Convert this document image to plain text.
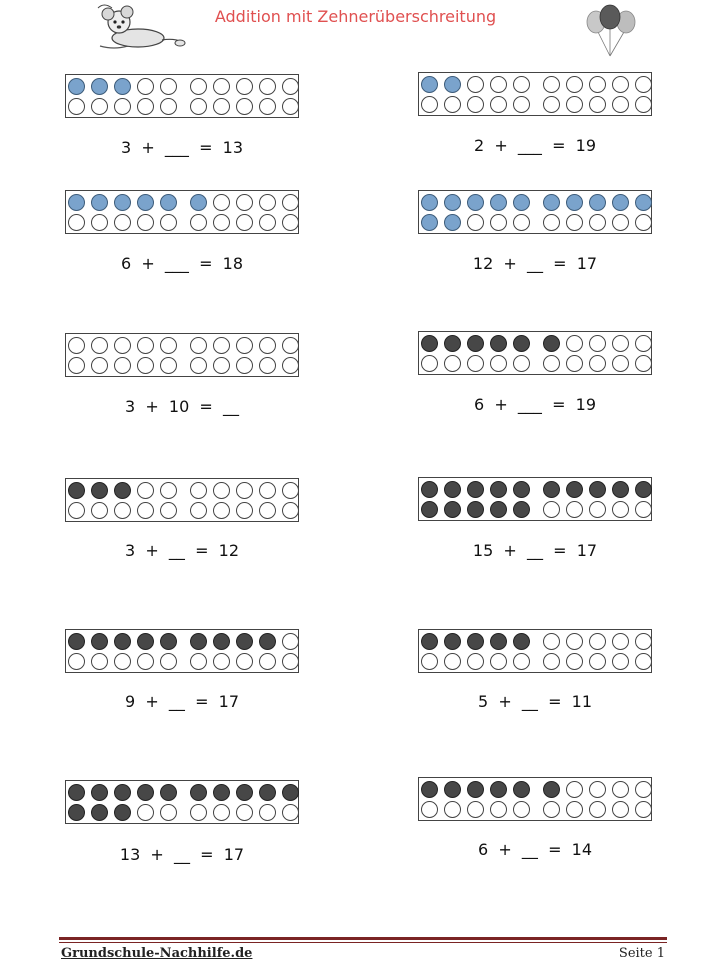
Addition mit Zehnerüberschreitung
3  +  ___  =  13	2  +  ___  =  19
6  +  ___  =  18	12  +  __  =  17
3  +  10  =  __	6  +  ___  =  19
3  +  __  =  12	15  +  __  =  17
9  +  __  =  17	5  +  __  =  11
13  +  __  =  17	6  +  __  =  14
Grundschule-Nachhilfe.de	Seite 1
